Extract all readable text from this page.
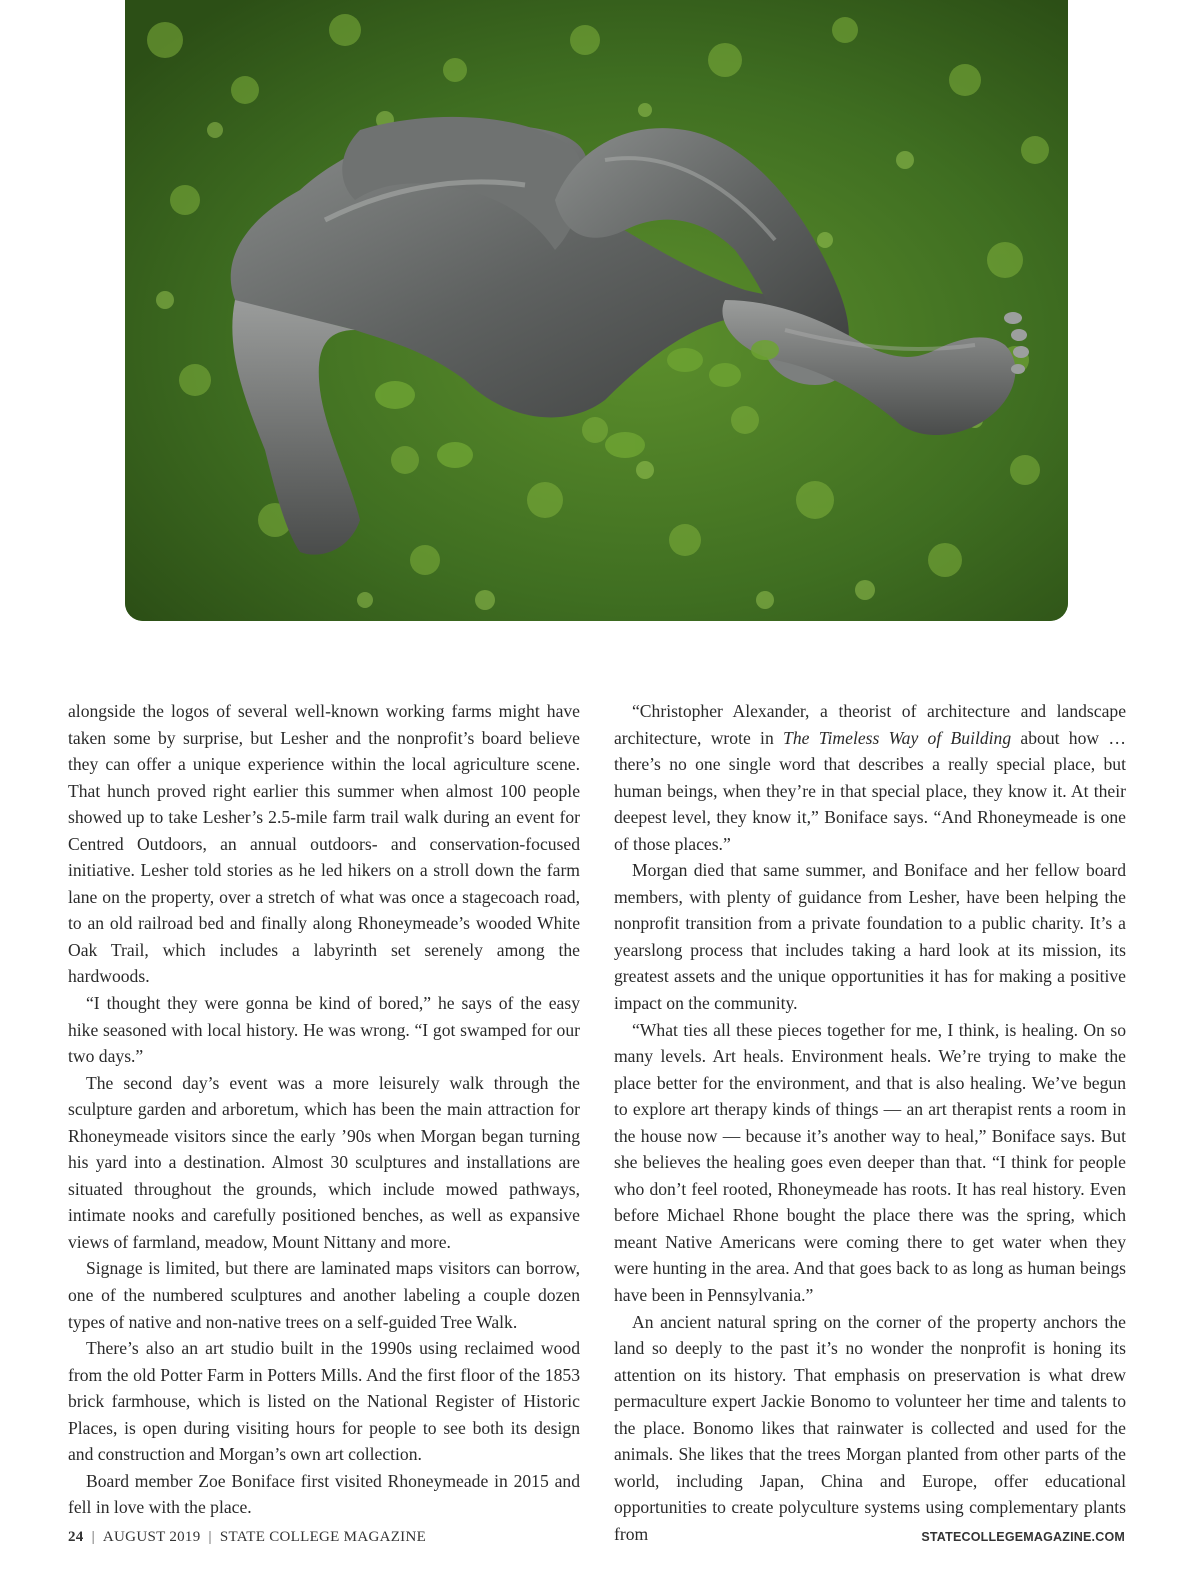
alongside the logos of several well-known working farms might have taken some by surprise, but Lesher and the nonprofit’s board believe they can offer a unique experience within the local agriculture scene. That hunch proved right earlier this summer when almost 100 people showed up to take Lesher’s 2.5-mile farm trail walk during an event for Centred Outdoors, an annual outdoors- and conservation-focused initiative. Lesher told stories as he led hikers on a stroll down the farm lane on the property, over a stretch of what was once a stagecoach road, to an old railroad bed and finally along Rhoneymeade’s wooded White Oak Trail, which includes a labyrinth set serenely among the hardwoods.

“I thought they were gonna be kind of bored,” he says of the easy hike seasoned with local history. He was wrong. “I got swamped for our two days.”

The second day’s event was a more leisurely walk through the sculpture garden and arboretum, which has been the main attraction for Rhoneymeade visitors since the early ’90s when Morgan began turning his yard into a destination. Almost 30 sculptures and installations are situated throughout the grounds, which include mowed pathways, intimate nooks and carefully positioned benches, as well as expansive views of farmland, meadow, Mount Nittany and more.

Signage is limited, but there are laminated maps visitors can borrow, one of the numbered sculptures and another labeling a couple dozen types of native and non-native trees on a self-guided Tree Walk.

There’s also an art studio built in the 1990s using reclaimed wood from the old Potter Farm in Potters Mills. And the first floor of the 1853 brick farmhouse, which is listed on the National Register of Historic Places, is open during visiting hours for people to see both its design and construction and Morgan’s own art collection.

Board member Zoe Boniface first visited Rhoneymeade in 2015 and fell in love with the place.

“Christopher Alexander, a theorist of architecture and landscape architecture, wrote in The Timeless Way of Building about how … there’s no one single word that describes a really special place, but human beings, when they’re in that special place, they know it. At their deepest level, they know it,” Boniface says. “And Rhoneymeade is one of those places.”

Morgan died that same summer, and Boniface and her fellow board members, with plenty of guidance from Lesher, have been helping the nonprofit transition from a private foundation to a public charity. It’s a yearslong process that includes taking a hard look at its mission, its greatest assets and the unique opportunities it has for making a positive impact on the community.

“What ties all these pieces together for me, I think, is healing. On so many levels. Art heals. Environment heals. We’re trying to make the place better for the environment, and that is also healing. We’ve begun to explore art therapy kinds of things — an art therapist rents a room in the house now — because it’s another way to heal,” Boniface says. But she believes the healing goes even deeper than that. “I think for people who don’t feel rooted, Rhoneymeade has roots. It has real history. Even before Michael Rhone bought the place there was the spring, which meant Native Americans were coming there to get water when they were hunting in the area. And that goes back to as long as human beings have been in Pennsylvania.”

An ancient natural spring on the corner of the property anchors the land so deeply to the past it’s no wonder the nonprofit is honing its attention on its history. That emphasis on preservation is what drew permaculture expert Jackie Bonomo to volunteer her time and talents to the place. Bonomo likes that rainwater is collected and used for the animals. She likes that the trees Morgan planted from other parts of the world, including Japan, China and Europe, offer educational opportunities to create polyculture systems using complementary plants from

24 | AUGUST 2019 | STATE COLLEGE MAGAZINE	STATECOLLEGEMAGAZINE.COM
